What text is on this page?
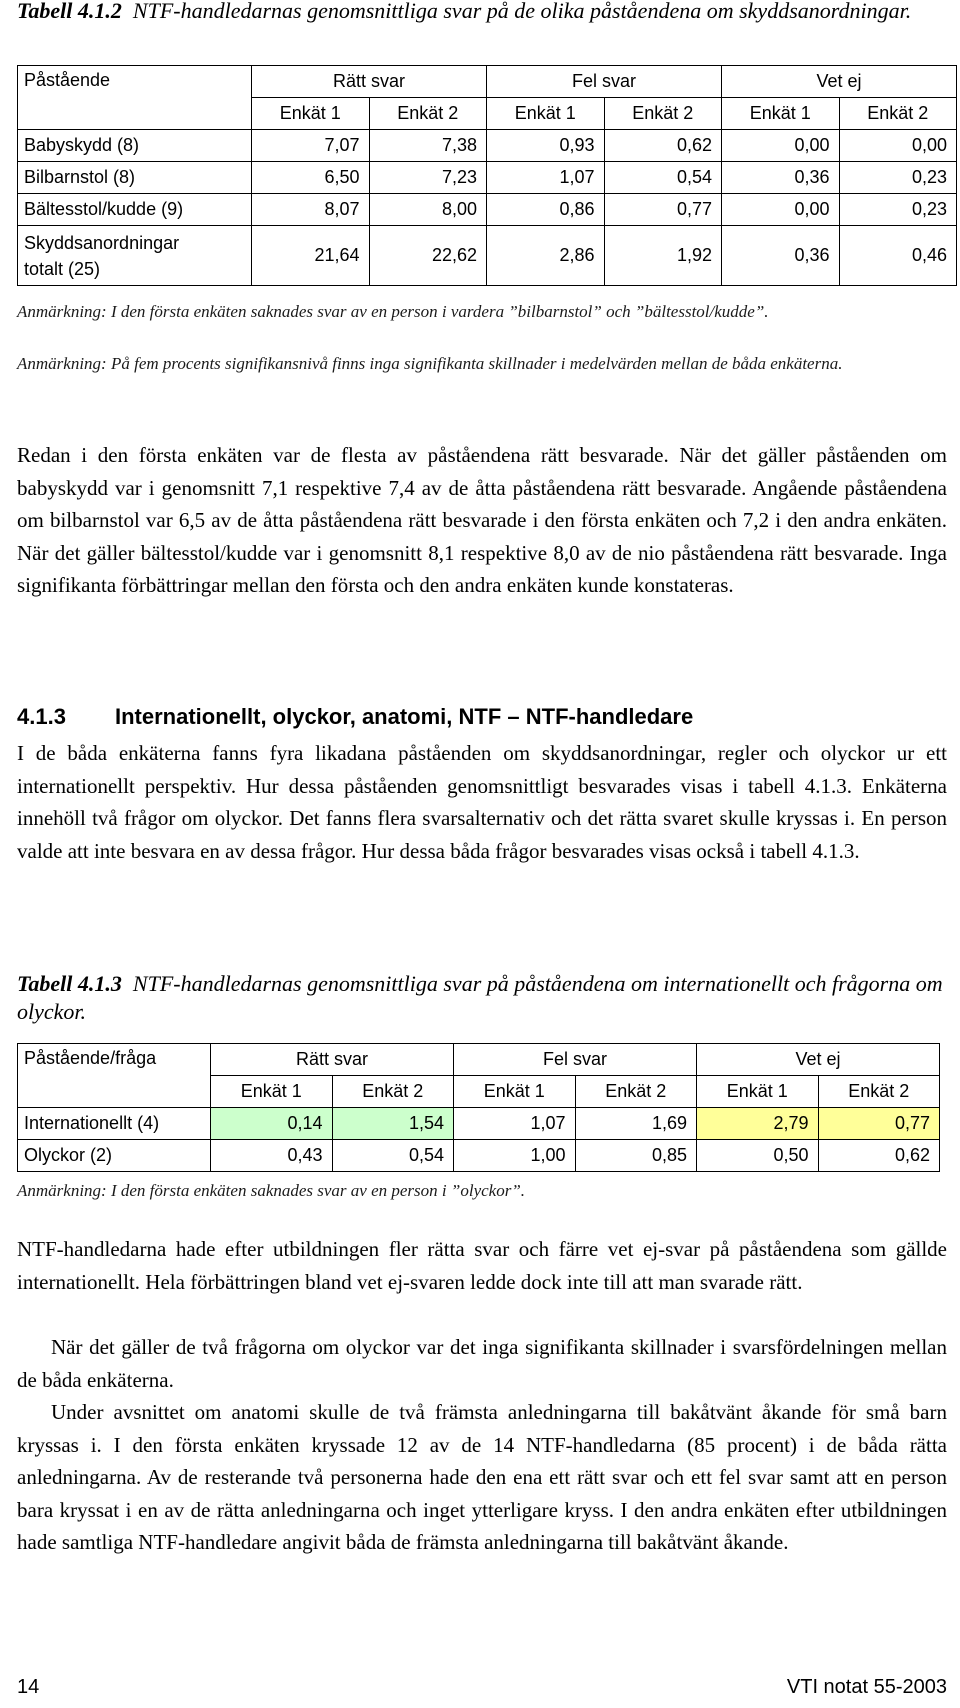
Tabell 4.1.2 NTF-handledarnas genomsnittliga svar på de olika påståendena om skyddsanordningar.

Påstående	Rätt svar		Fel svar		Vet ej	
	Enkät 1	Enkät 2	Enkät 1	Enkät 2	Enkät 1	Enkät 2
Babyskydd (8)	7,07	7,38	0,93	0,62	0,00	0,00
Bilbarnstol (8)	6,50	7,23	1,07	0,54	0,36	0,23
Bältesstol/kudde (9)	8,07	8,00	0,86	0,77	0,00	0,23
Skyddsanordningar
totalt (25)	21,64	22,62	2,86	1,92	0,36	0,46

Anmärkning: I den första enkäten saknades svar av en person i vardera ”bilbarnstol” och ”bältesstol/kudde”.

Anmärkning: På fem procents signifikansnivå finns inga signifikanta skillnader i medelvärden mellan de båda enkäterna.

Redan i den första enkäten var de flesta av påståendena rätt besvarade. När det gäller påståenden om babyskydd var i genomsnitt 7,1 respektive 7,4 av de åtta påståendena rätt besvarade. Angående påståendena om bilbarnstol var 6,5 av de åtta påståendena rätt besvarade i den första enkäten och 7,2 i den andra enkäten. När det gäller bältesstol/kudde var i genomsnitt 8,1 respektive 8,0 av de nio påståendena rätt besvarade. Inga signifikanta förbättringar mellan den första och den andra enkäten kunde konstateras.

4.1.3 Internationellt, olyckor, anatomi, NTF – NTF-handledare

I de båda enkäterna fanns fyra likadana påståenden om skyddsanordningar, regler och olyckor ur ett internationellt perspektiv. Hur dessa påståenden genomsnittligt besvarades visas i tabell 4.1.3. Enkäterna innehöll två frågor om olyckor. Det fanns flera svarsalternativ och det rätta svaret skulle kryssas i. En person valde att inte besvara en av dessa frågor. Hur dessa båda frågor besvarades visas också i tabell 4.1.3.

Tabell 4.1.3 NTF-handledarnas genomsnittliga svar på påståendena om internationellt och frågorna om olyckor.

Påstående/fråga	Rätt svar		Fel svar		Vet ej	
	Enkät 1	Enkät 2	Enkät 1	Enkät 2	Enkät 1	Enkät 2
Internationellt (4)	0,14	1,54	1,07	1,69	2,79	0,77
Olyckor (2)	0,43	0,54	1,00	0,85	0,50	0,62

Anmärkning: I den första enkäten saknades svar av en person i ”olyckor”.

NTF-handledarna hade efter utbildningen fler rätta svar och färre vet ej-svar på påståendena som gällde internationellt. Hela förbättringen bland vet ej-svaren ledde dock inte till att man svarade rätt.

När det gäller de två frågorna om olyckor var det inga signifikanta skillnader i svarsfördelningen mellan de båda enkäterna.

Under avsnittet om anatomi skulle de två främsta anledningarna till bakåtvänt åkande för små barn kryssas i. I den första enkäten kryssade 12 av de 14 NTF-handledarna (85 procent) i de båda rätta anledningarna. Av de resterande två personerna hade den ena ett rätt svar och ett fel svar samt att en person bara kryssat i en av de rätta anledningarna och inget ytterligare kryss. I den andra enkäten efter utbildningen hade samtliga NTF-handledare angivit båda de främsta anledningarna till bakåtvänt åkande.

14	VTI notat 55-2003
